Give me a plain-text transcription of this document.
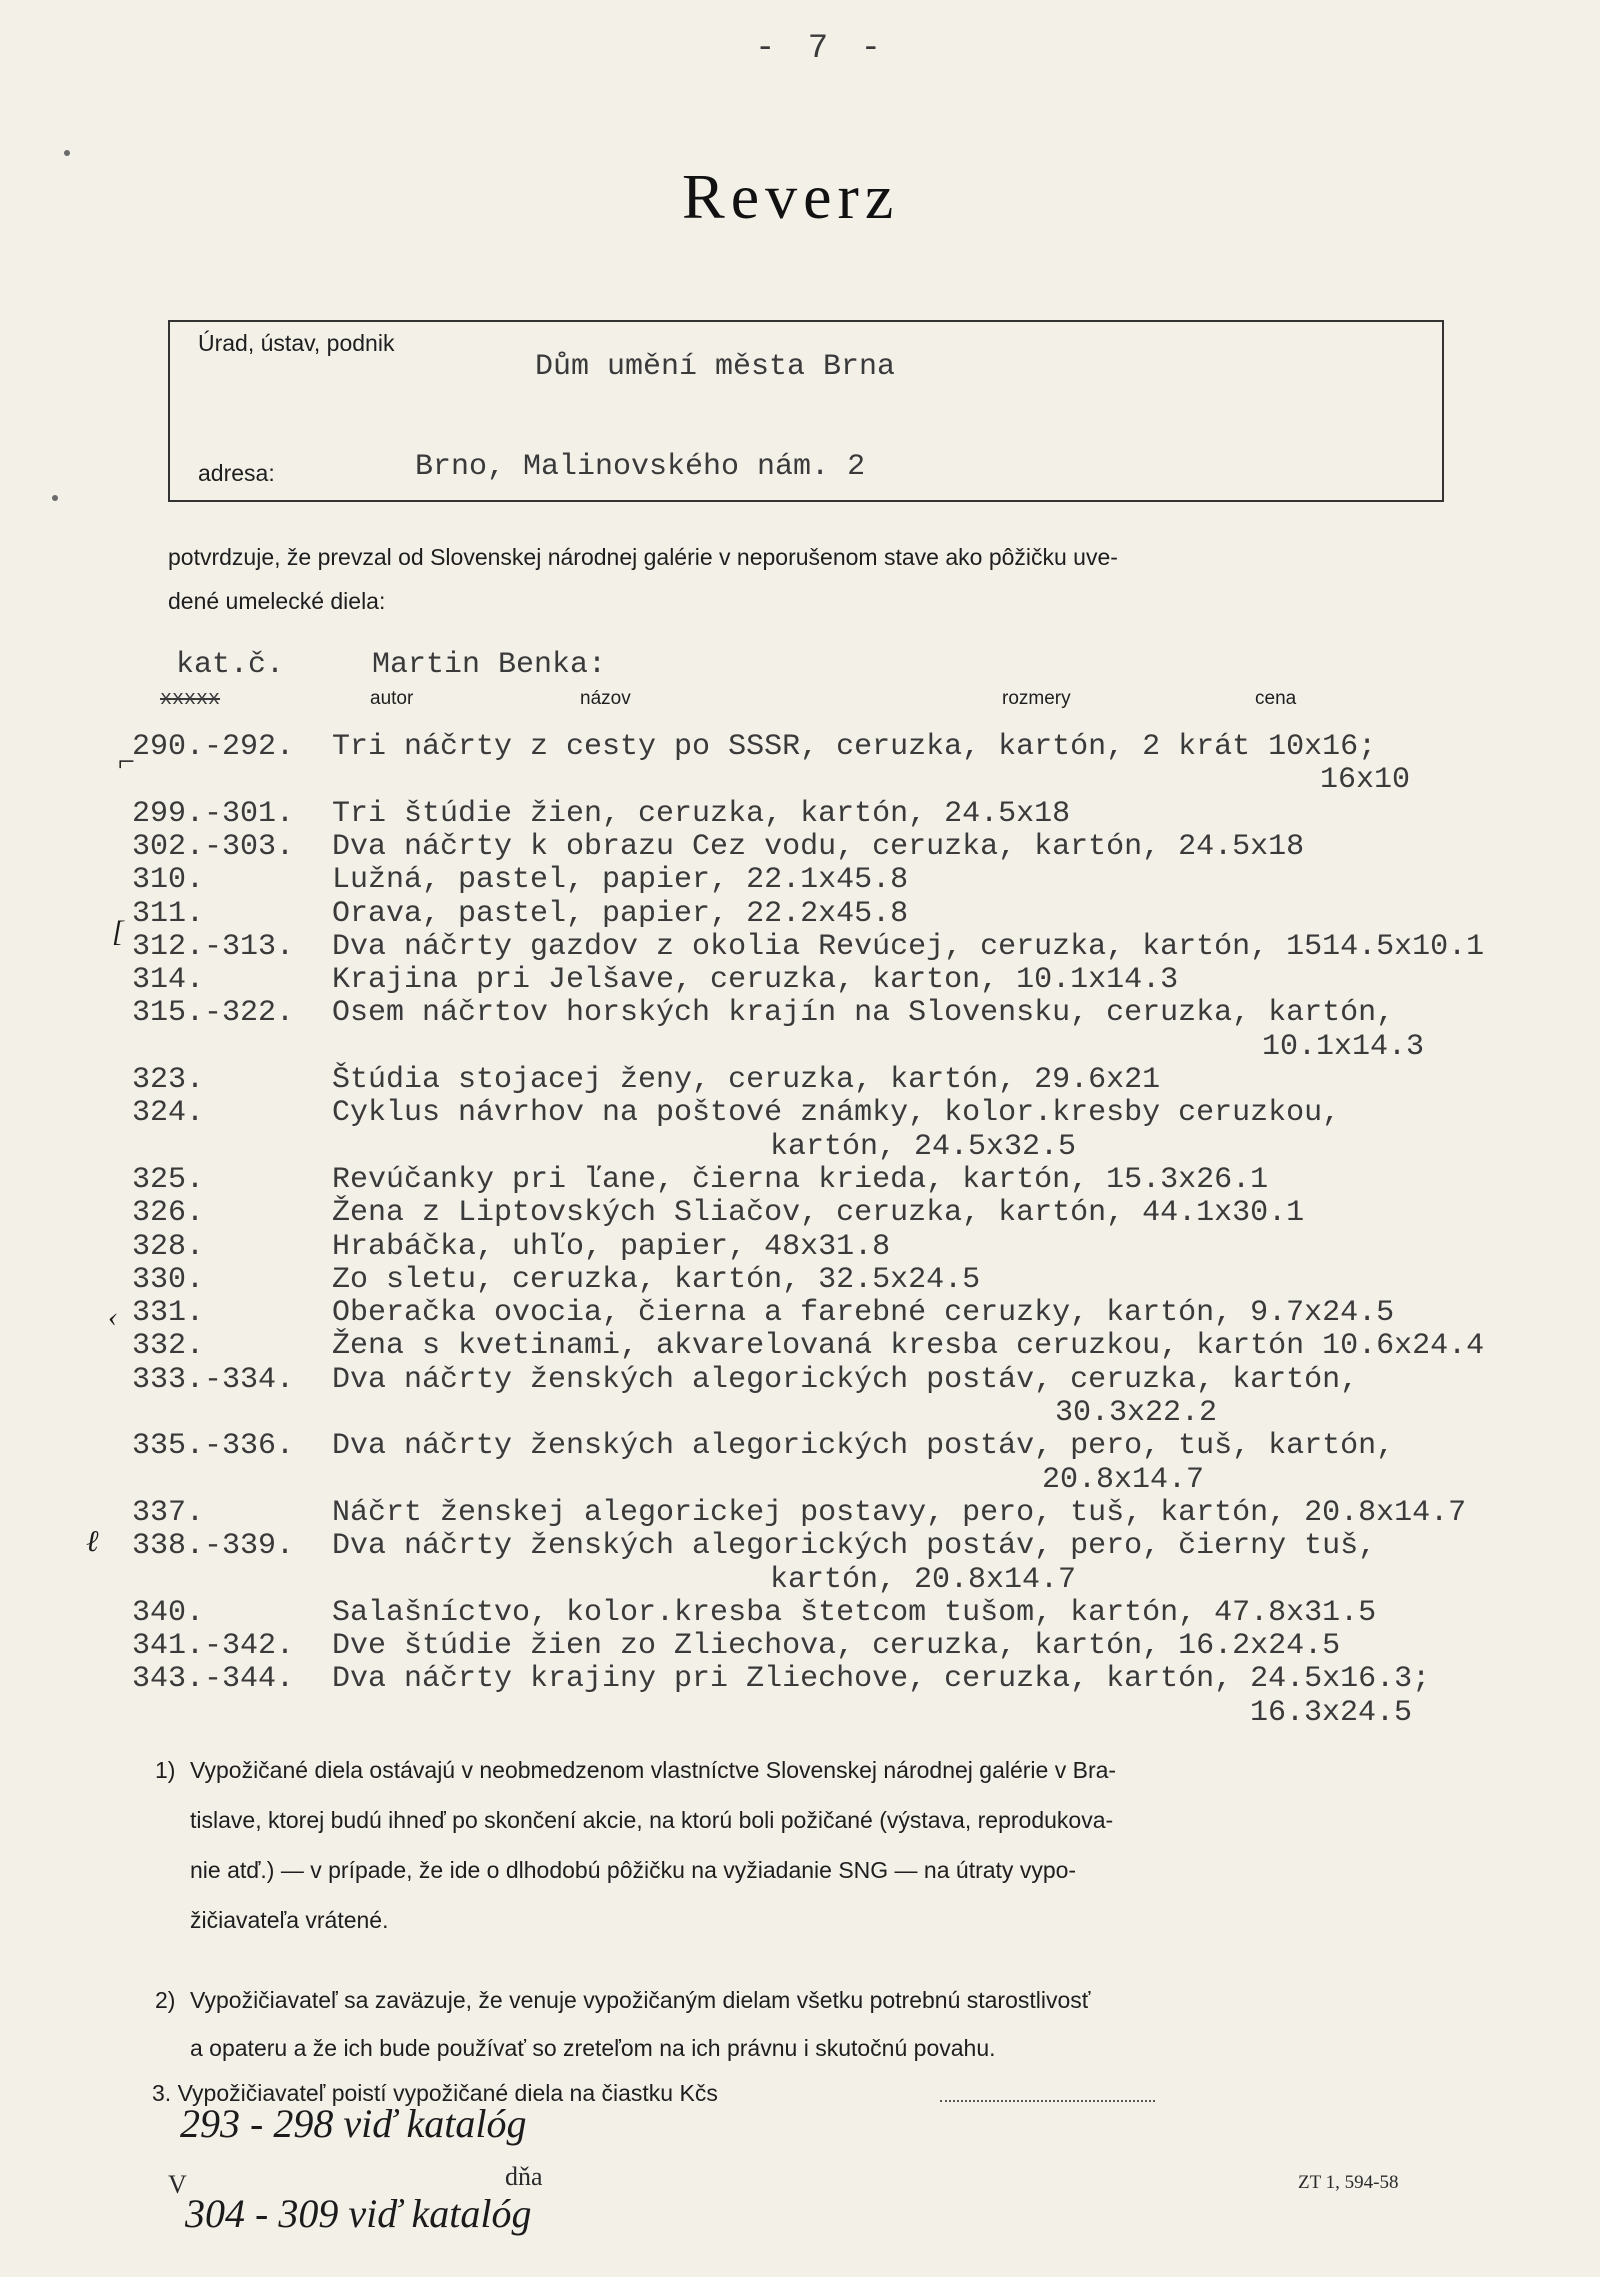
- 7 -
Reverz
Úrad, ústav, podnik
Dům umění města Brna
adresa:	Brno, Malinovského nám. 2
potvrdzuje, že prevzal od Slovenskej národnej galérie v neporušenom stave ako pôžičku uve-
dené umelecké diela:
kat.č.	Martin Benka:
xxxxx	autor	názov	rozmery	cena
290.-292. Tri náčrty z cesty po SSSR, ceruzka, kartón, 2 krát 10x16;
16x10
299.-301. Tri štúdie žien, ceruzka, kartón, 24.5x18
302.-303. Dva náčrty k obrazu Cez vodu, ceruzka, kartón, 24.5x18
310.	Lužná, pastel, papier, 22.1x45.8
311.	Orava, pastel, papier, 22.2x45.8
312.-313. Dva náčrty gazdov z okolia Revúcej, ceruzka, kartón, 1514.5x10.1
314.	Krajina pri Jelšave, ceruzka, karton, 10.1x14.3
315.-322. Osem náčrtov horských krajín na Slovensku, ceruzka, kartón,
10.1x14.3
323.	Štúdia stojacej ženy, ceruzka, kartón, 29.6x21
324.	Cyklus návrhov na poštové známky, kolor.kresby ceruzkou,
kartón, 24.5x32.5
325.	Revúčanky pri ľane, čierna krieda, kartón, 15.3x26.1
326.	Žena z Liptovských Sliačov, ceruzka, kartón, 44.1x30.1
328.	Hrabáčka, uhľo, papier, 48x31.8
330.	Zo sletu, ceruzka, kartón, 32.5x24.5
331.	Oberačka ovocia, čierna a farebné ceruzky, kartón, 9.7x24.5
332.	Žena s kvetinami, akvarelovaná kresba ceruzkou, kartón 10.6x24.4
333.-334. Dva náčrty ženských alegorických postáv, ceruzka, kartón,
30.3x22.2
335.-336. Dva náčrty ženských alegorických postáv, pero, tuš, kartón,
20.8x14.7
337.	Náčrt ženskej alegorickej postavy, pero, tuš, kartón, 20.8x14.7
338.-339. Dva náčrty ženských alegorických postáv, pero, čierny tuš,
kartón, 20.8x14.7
340.	Salašníctvo, kolor.kresba štetcom tušom, kartón, 47.8x31.5
341.-342. Dve štúdie žien zo Zliechova, ceruzka, kartón, 16.2x24.5
343.-344. Dva náčrty krajiny pri Zliechove, ceruzka, kartón, 24.5x16.3;
16.3x24.5
⌐
[
‹
ℓ
1) Vypožičané diela ostávajú v neobmedzenom vlastníctve Slovenskej národnej galérie v Bra-
tislave, ktorej budú ihneď po skončení akcie, na ktorú boli požičané (výstava, reprodukova-
nie atď.) — v prípade, že ide o dlhodobú pôžičku na vyžiadanie SNG — na útraty vypo-
žičiavateľa vrátené.
2) Vypožičiavateľ sa zaväzuje, že venuje vypožičaným dielam všetku potrebnú starostlivosť
a opateru a že ich bude používať so zreteľom na ich právnu i skutočnú povahu.
3. Vypožičiavateľ poistí vypožičané diela na čiastku Kčs
293 - 298 viď katalóg
V	dňa	ZT 1, 594-58
304 - 309 viď katalóg
